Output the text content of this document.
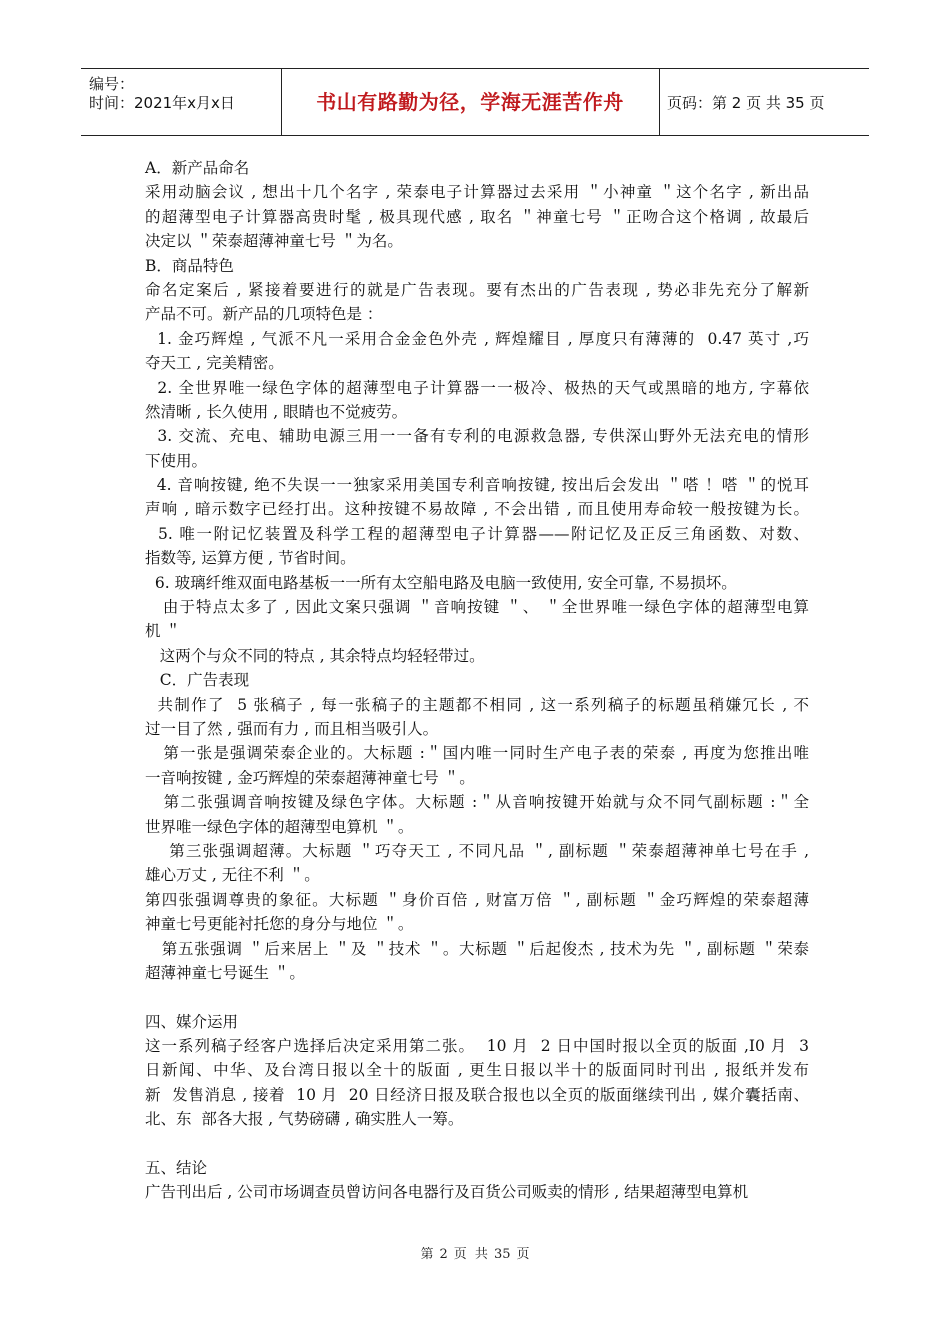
编号：
时间：2021年x月x日	书山有路勤为径，学海无涯苦作舟	页码：第 2 页 共 35 页
A．新产品命名
采用动脑会议 , 想出十几个名字 , 荣泰电子计算器过去采用 ＂小神童 ＂这个名字 , 新出品
的超薄型电子计算器高贵时髦 , 极具现代感 , 取名 ＂神童七号 ＂正吻合这个格调 , 故最后
决定以 ＂荣泰超薄神童七号 ＂为名。
B．商品特色
命名定案后 , 紧接着要进行的就是广告表现。要有杰出的广告表现 , 势必非先充分了解新
产品不可。新产品的几项特色是 ：
1. 金巧辉煌 , 气派不凡一采用合金金色外壳 , 辉煌耀目 , 厚度只有薄薄的  0.47 英寸 ,巧
夺天工 , 完美精密。
2. 全世界唯一绿色字体的超薄型电子计算器一一极冷、极热的天气或黑暗的地方, 字幕依
然清晰 , 长久使用 , 眼睛也不觉疲劳。
3. 交流、充电、辅助电源三用一一备有专利的电源救急器, 专供深山野外无法充电的情形
下使用。
4. 音响按键, 绝不失误一一独家采用美国专利音响按键, 按出后会发出 ＂嗒 ！嗒 ＂的悦耳
声响 , 暗示数字已经打出。这种按键不易故障 , 不会出错 , 而且使用寿命较一般按键为长。
5. 唯一附记忆装置及科学工程的超薄型电子计算器——附记忆及正反三角函数、对数、
指数等, 运算方便 , 节省时间。
6. 玻璃纤维双面电路基板一一所有太空船电路及电脑一致使用, 安全可靠, 不易损坏。
由于特点太多了 , 因此文案只强调 ＂音响按键 ＂、 ＂全世界唯一绿色字体的超薄型电算
机 ＂
这两个与众不同的特点 , 其余特点均轻轻带过。
C．广告表现
共制作了  5 张稿子 , 每一张稿子的主题都不相同 , 这一系列稿子的标题虽稍嫌冗长 , 不
过一目了然 , 强而有力 , 而且相当吸引人。
第一张是强调荣泰企业的。大标题 :＂国内唯一同时生产电子表的荣泰 , 再度为您推出唯
一音响按键 , 金巧辉煌的荣泰超薄神童七号 ＂。
第二张强调音响按键及绿色字体。大标题 :＂从音响按键开始就与众不同气副标题 :＂全
世界唯一绿色字体的超薄型电算机 ＂。
第三张强调超薄。大标题 ＂巧夺天工 , 不同凡品 ＂, 副标题 ＂荣泰超薄神单七号在手 ,
雄心万丈 , 无往不利 ＂。
第四张强调尊贵的象征。大标题 ＂身价百倍 , 财富万倍 ＂, 副标题 ＂金巧辉煌的荣泰超薄
神童七号更能衬托您的身分与地位 ＂。
第五张强调 ＂后来居上 ＂及 ＂技术 ＂。大标题 ＂后起俊杰 , 技术为先 ＂, 副标题 ＂荣泰
超薄神童七号诞生 ＂。
四、媒介运用
这一系列稿子经客户选择后决定采用第二张。  10 月  2 日中国时报以全页的版面 ,I0 月  3
日新闻、中华、及台湾日报以全十的版面 , 更生日报以半十的版面同时刊出 , 报纸并发布
新  发售消息 , 接着  10 月  20 日经济日报及联合报也以全页的版面继续刊出 , 媒介囊括南、
北、东  部各大报 , 气势磅礴 , 确实胜人一筹。
五、结论
广告刊出后 , 公司市场调查员曾访问各电器行及百货公司贩卖的情形 , 结果超薄型电算机
第 2 页 共 35 页
